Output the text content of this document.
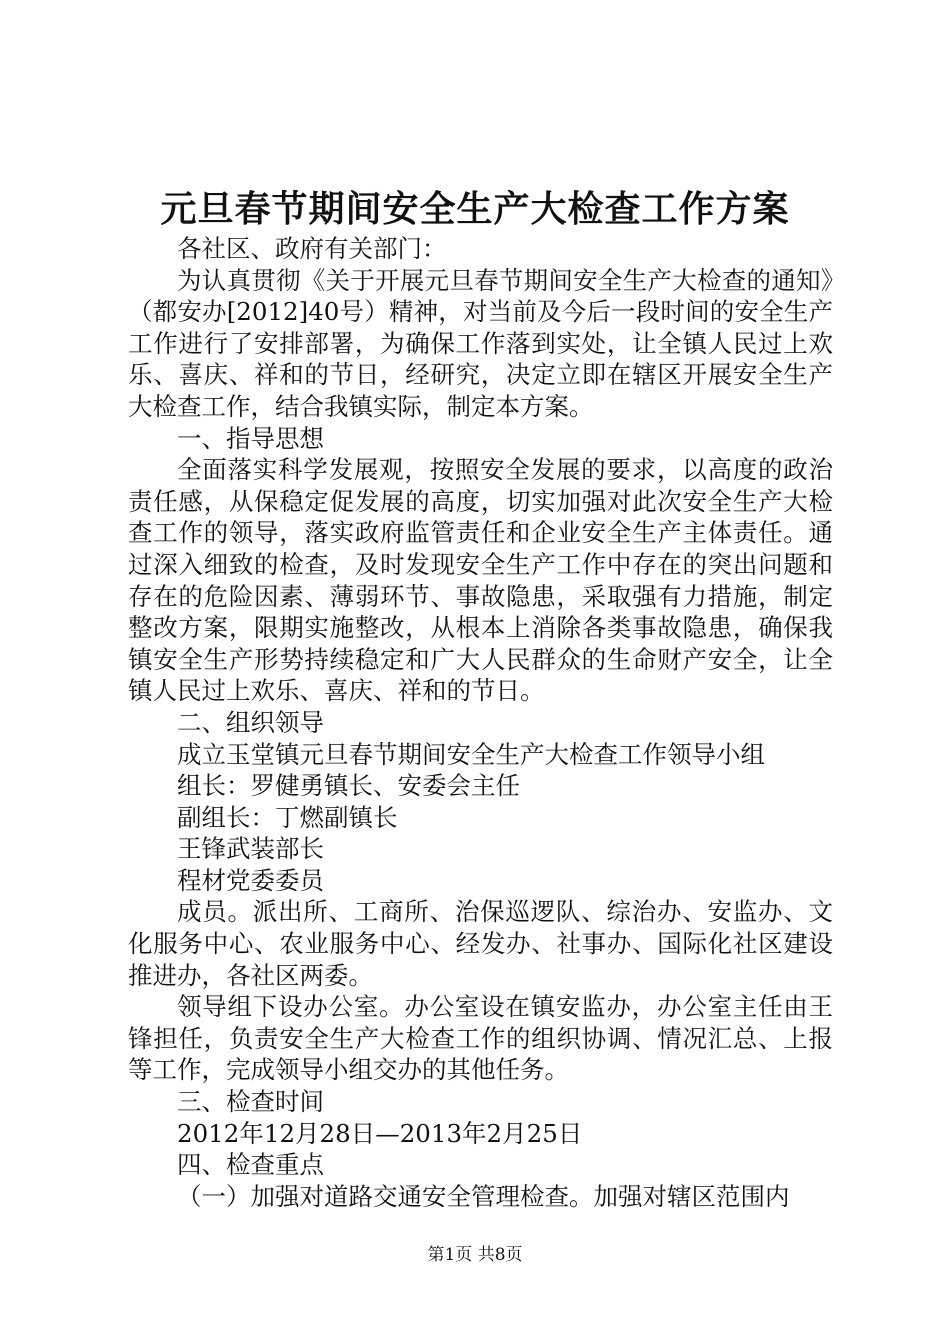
元旦春节期间安全生产大检查工作方案

各社区、政府有关部门：

为认真贯彻《关于开展元旦春节期间安全生产大检查的通知》（都安办[2012]40号）精神，对当前及今后一段时间的安全生产工作进行了安排部署，为确保工作落到实处，让全镇人民过上欢乐、喜庆、祥和的节日，经研究，决定立即在辖区开展安全生产大检查工作，结合我镇实际，制定本方案。

一、指导思想

全面落实科学发展观，按照安全发展的要求，以高度的政治责任感，从保稳定促发展的高度，切实加强对此次安全生产大检查工作的领导，落实政府监管责任和企业安全生产主体责任。通过深入细致的检查，及时发现安全生产工作中存在的突出问题和存在的危险因素、薄弱环节、事故隐患，采取强有力措施，制定整改方案，限期实施整改，从根本上消除各类事故隐患，确保我镇安全生产形势持续稳定和广大人民群众的生命财产安全，让全镇人民过上欢乐、喜庆、祥和的节日。

二、组织领导

成立玉堂镇元旦春节期间安全生产大检查工作领导小组

组长：罗健勇镇长、安委会主任

副组长：丁燃副镇长

王锋武装部长

程材党委委员

成员。派出所、工商所、治保巡逻队、综治办、安监办、文化服务中心、农业服务中心、经发办、社事办、国际化社区建设推进办，各社区两委。

领导组下设办公室。办公室设在镇安监办，办公室主任由王锋担任，负责安全生产大检查工作的组织协调、情况汇总、上报等工作，完成领导小组交办的其他任务。

三、检查时间

2012年12月28日—2013年2月25日

四、检查重点

（一）加强对道路交通安全管理检查。加强对辖区范围内

第1页 共8页
